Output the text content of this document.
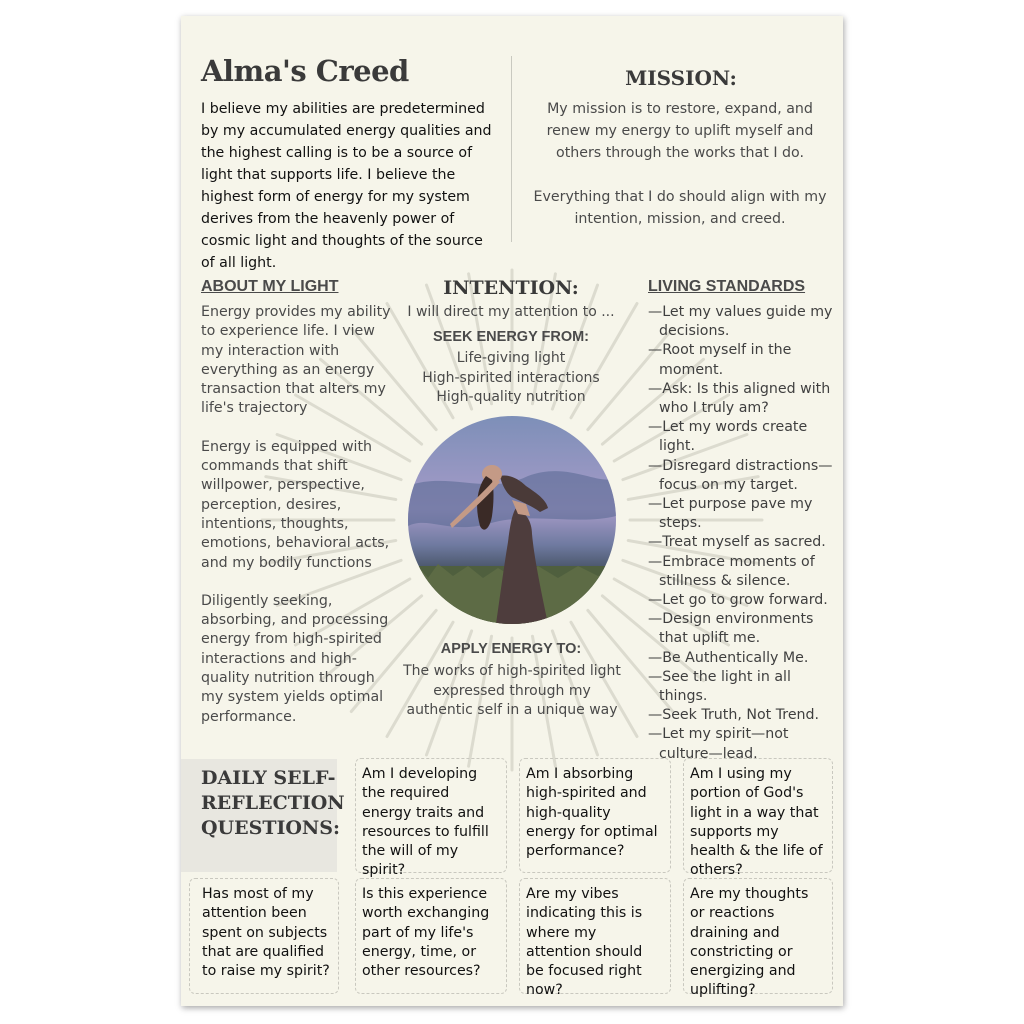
Alma's Creed
I believe my abilities are predetermined by my accumulated energy qualities and the highest calling is to be a source of light that supports life. I believe the highest form of energy for my system derives from the heavenly power of cosmic light and thoughts of the source of all light.
MISSION:
My mission is to restore, expand, and renew my energy to uplift myself and others through the works that I do.
Everything that I do should align with my intention, mission, and creed.
ABOUT MY LIGHT

Energy provides my ability to experience life. I view my interaction with everything as an energy transaction that alters my life's trajectory

Energy is equipped with commands that shift willpower, perspective, perception, desires, intentions, thoughts, emotions, behavioral acts, and my bodily functions

Diligently seeking, absorbing, and processing energy from high-spirited interactions and high-quality nutrition through my system yields optimal performance.

INTENTION:
I will direct my attention to ...
SEEK ENERGY FROM:
Life-giving light
High-spirited interactions
High-quality nutrition
APPLY ENERGY TO:
The works of high-spirited light expressed through my authentic self in a unique way
LIVING STANDARDS
—Let my values guide my decisions.
—Root myself in the moment.
—Ask: Is this aligned with who I truly am?
—Let my words create light.
—Disregard distractions—focus on my target.
—Let purpose pave my steps.
—Treat myself as sacred.
—Embrace moments of stillness & silence.
—Let go to grow forward.
—Design environments that uplift me.
—Be Authentically Me.
—See the light in all things.
—Seek Truth, Not Trend.
—Let my spirit—not culture—lead.
DAILY SELF-REFLECTION QUESTIONS:
Am I developing the required energy traits and resources to fulfill the will of my spirit?
Am I absorbing high-spirited and high-quality energy for optimal performance?
Am I using my portion of God's light in a way that supports my health & the life of others?
Has most of my attention been spent on subjects that are qualified to raise my spirit?
Is this experience worth exchanging part of my life's energy, time, or other resources?
Are my vibes indicating this is where my attention should be focused right now?
Are my thoughts or reactions draining and constricting or energizing and uplifting?
